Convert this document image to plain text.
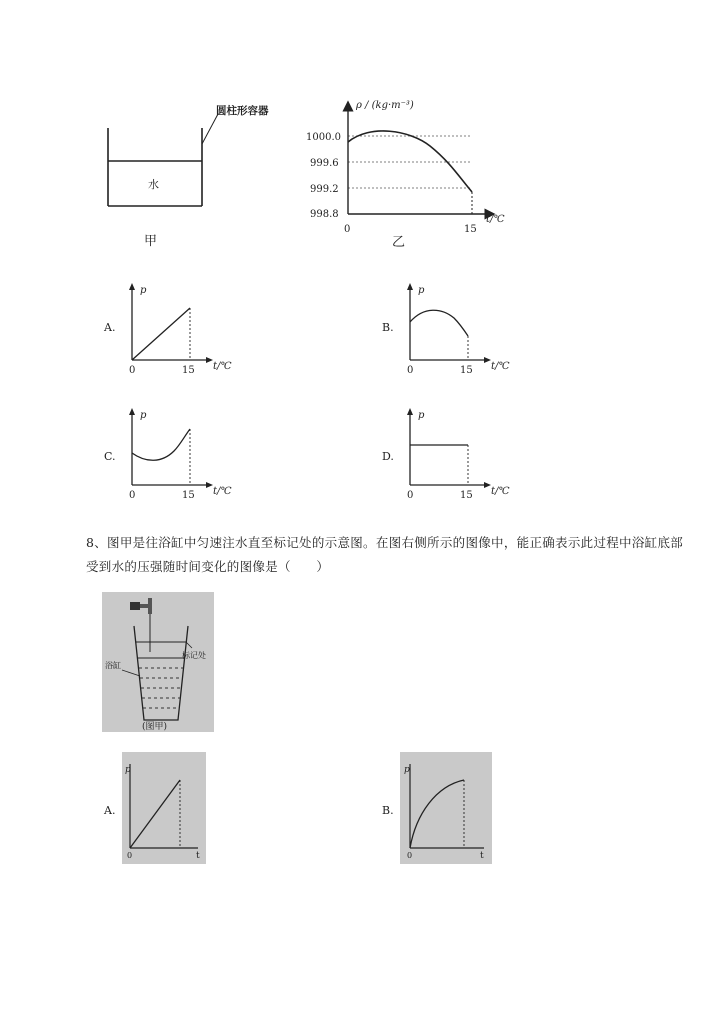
圆柱形容器
水
甲
ρ / (kg·m⁻³)
1000.0
999.6
999.2
998.8
0	15
t/℃
乙
A.
p
0	15 t/℃
B.
p
0	15 t/℃
C.
p
0	15 t/℃
D.
p
0	15 t/℃
8、图甲是往浴缸中匀速注水直至标记处的示意图。在图右侧所示的图像中，能正确表示此过程中浴缸底部受到水的压强随时间变化的图像是（　　）
标记处
浴缸
(图甲)
A.
p
0	t
B.
p
0	t
